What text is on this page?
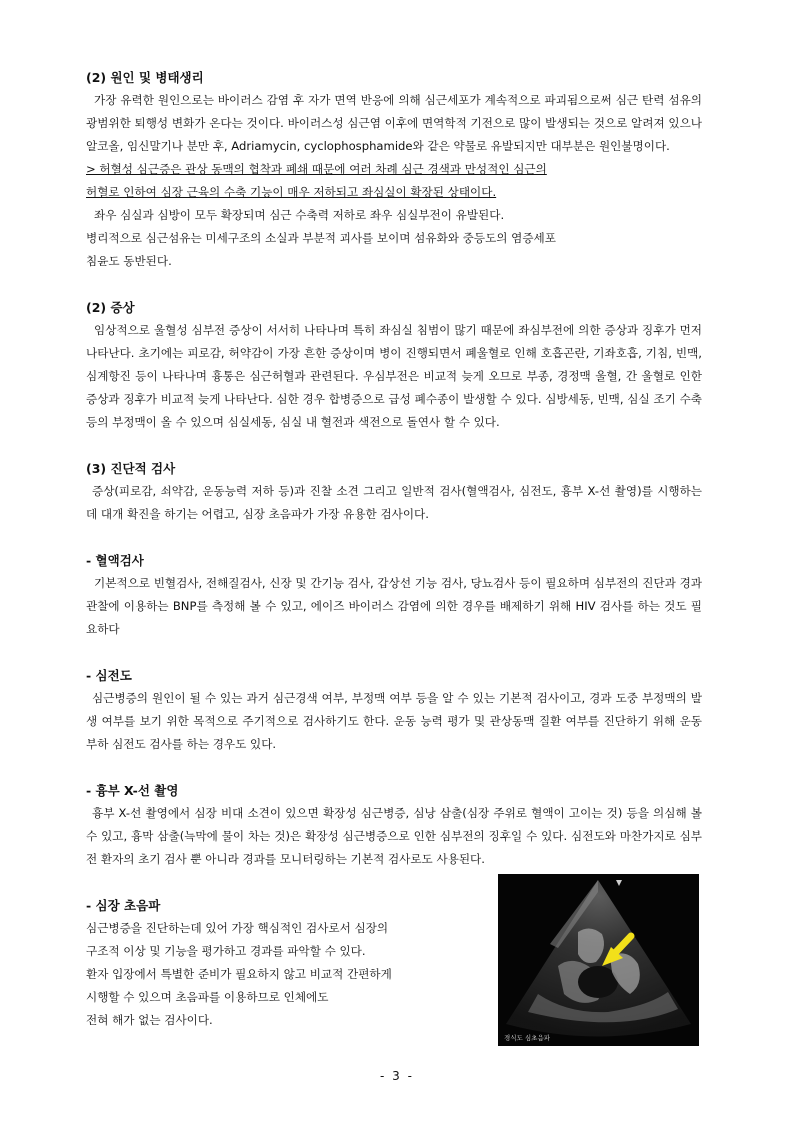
(2) 원인 및 병태생리

가장 유력한 원인으로는 바이러스 감염 후 자가 면역 반응에 의해 심근세포가 계속적으로 파괴됨으로써 심근 탄력 섬유의 광범위한 퇴행성 변화가 온다는 것이다. 바이러스성 심근염 이후에 면역학적 기전으로 많이 발생되는 것으로 알려져 있으나 알코올, 임신말기나 분만 후, Adriamycin, cyclophosphamide와 같은 약물로 유발되지만 대부분은 원인불명이다.

> 허혈성 심근증은 관상 동맥의 협착과 폐쇄 때문에 여러 차례 심근 경색과 만성적인 심근의

허혈로 인하여 심장 근육의 수축 기능이 매우 저하되고 좌심실이 확장된 상태이다.

좌우 심실과 심방이 모두 확장되며 심근 수축력 저하로 좌우 심실부전이 유발된다.

병리적으로 심근섬유는 미세구조의 소실과 부분적 괴사를 보이며 섬유화와 중등도의 염증세포

침윤도 동반된다.

(2) 증상

임상적으로 울혈성 심부전 증상이 서서히 나타나며 특히 좌심실 침범이 많기 때문에 좌심부전에 의한 증상과 징후가 먼저 나타난다. 초기에는 피로감, 허약감이 가장 흔한 증상이며 병이 진행되면서 폐울혈로 인해 호흡곤란, 기좌호흡, 기침, 빈맥, 심계항진 등이 나타나며 흉통은 심근허혈과 관련된다. 우심부전은 비교적 늦게 오므로 부종, 경정맥 울혈, 간 울혈로 인한 증상과 징후가 비교적 늦게 나타난다. 심한 경우 합병증으로 급성 폐수종이 발생할 수 있다. 심방세동, 빈맥, 심실 조기 수축 등의 부정맥이 올 수 있으며 심실세동, 심실 내 혈전과 색전으로 돌연사 할 수 있다.

(3) 진단적 검사

증상(피로감, 쇠약감, 운동능력 저하 등)과 진찰 소견 그리고 일반적 검사(혈액검사, 심전도, 흉부 X-선 촬영)를 시행하는데 대개 확진을 하기는 어렵고, 심장 초음파가 가장 유용한 검사이다.

- 혈액검사

기본적으로 빈혈검사, 전해질검사, 신장 및 간기능 검사, 갑상선 기능 검사, 당뇨검사 등이 필요하며 심부전의 진단과 경과 관찰에 이용하는 BNP를 측정해 볼 수 있고, 에이즈 바이러스 감염에 의한 경우를 배제하기 위해 HIV 검사를 하는 것도 필요하다

- 심전도

심근병증의 원인이 될 수 있는 과거 심근경색 여부, 부정맥 여부 등을 알 수 있는 기본적 검사이고, 경과 도중 부정맥의 발생 여부를 보기 위한 목적으로 주기적으로 검사하기도 한다. 운동 능력 평가 및 관상동맥 질환 여부를 진단하기 위해 운동 부하 심전도 검사를 하는 경우도 있다.

- 흉부 X-선 촬영

흉부 X-선 촬영에서 심장 비대 소견이 있으면 확장성 심근병증, 심낭 삼출(심장 주위로 혈액이 고이는 것) 등을 의심해 볼 수 있고, 흉막 삼출(늑막에 물이 차는 것)은 확장성 심근병증으로 인한 심부전의 징후일 수 있다. 심전도와 마찬가지로 심부전 환자의 초기 검사 뿐 아니라 경과를 모니터링하는 기본적 검사로도 사용된다.

- 심장 초음파

심근병증을 진단하는데 있어 가장 핵심적인 검사로서 심장의

구조적 이상 및 기능을 평가하고 경과를 파악할 수 있다.

환자 입장에서 특별한 준비가 필요하지 않고 비교적 간편하게

시행할 수 있으며 초음파를 이용하므로 인체에도

전혀 해가 없는 검사이다.

경식도 심초음파
- 3 -
